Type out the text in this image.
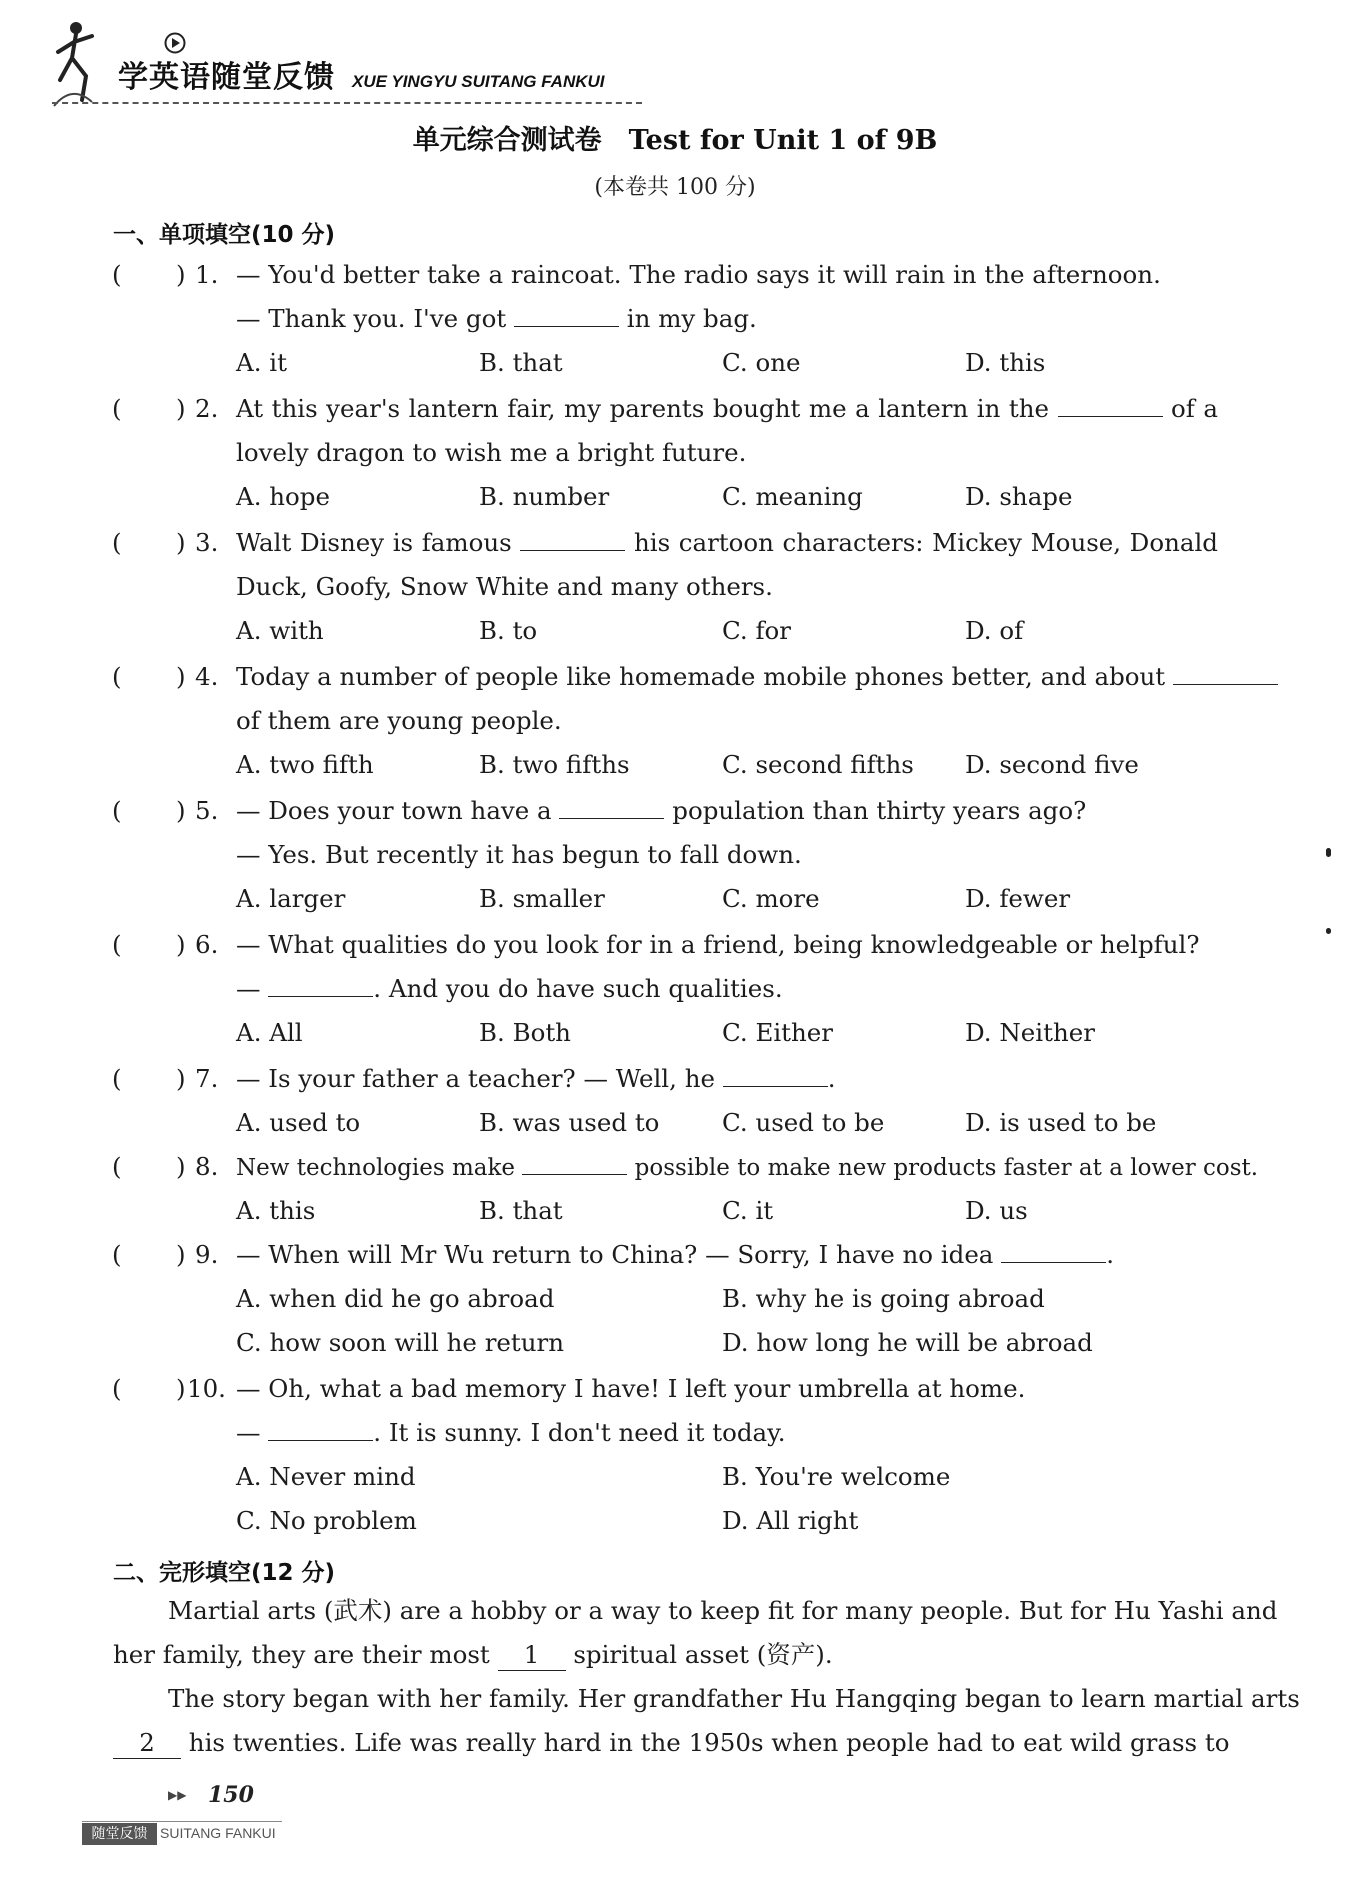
学英语随堂反馈 XUE YINGYU SUITANG FANKUI
单元综合测试卷　Test for Unit 1 of 9B
(本卷共 100 分)
一、单项填空(10 分)
( ) 1. — You'd better take a raincoat. The radio says it will rain in the afternoon.
— Thank you. I've got	in my bag.
A. it	B. that	C. one	D. this
( ) 2. At this year's lantern fair, my parents bought me a lantern in the	of a
lovely dragon to wish me a bright future.
A. hope	B. number	C. meaning	D. shape
( ) 3. Walt Disney is famous	his cartoon characters: Mickey Mouse, Donald
Duck, Goofy, Snow White and many others.
A. with	B. to	C. for	D. of
( ) 4. Today a number of people like homemade mobile phones better, and about
of them are young people.
A. two fifth	B. two fifths	C. second fifths D. second five
( ) 5. — Does your town have a	population than thirty years ago?
— Yes. But recently it has begun to fall down.
A. larger	B. smaller	C. more	D. fewer
( ) 6. — What qualities do you look for in a friend, being knowledgeable or helpful?
—	. And you do have such qualities.
A. All	B. Both	C. Either	D. Neither
( ) 7. — Is your father a teacher? — Well, he	.
A. used to	B. was used to	C. used to be	D. is used to be
( ) 8. New technologies make	possible to make new products faster at a lower cost.
A. this	B. that	C. it	D. us
( ) 9. — When will Mr Wu return to China? — Sorry, I have no idea	.
A. when did he go abroad	B. why he is going abroad
C. how soon will he return	D. how long he will be abroad
( ) 10. — Oh, what a bad memory I have! I left your umbrella at home.
—	. It is sunny. I don't need it today.
A. Never mind	B. You're welcome
C. No problem	D. All right
二、完形填空(12 分)
Martial arts (武术) are a hobby or a way to keep fit for many people. But for Hu Yashi and
her family, they are their most 1 spiritual asset (资产).
The story began with her family. Her grandfather Hu Hangqing began to learn martial arts
2 his twenties. Life was really hard in the 1950s when people had to eat wild grass to
▶▶ 150
随堂反馈 SUITANG FANKUI
